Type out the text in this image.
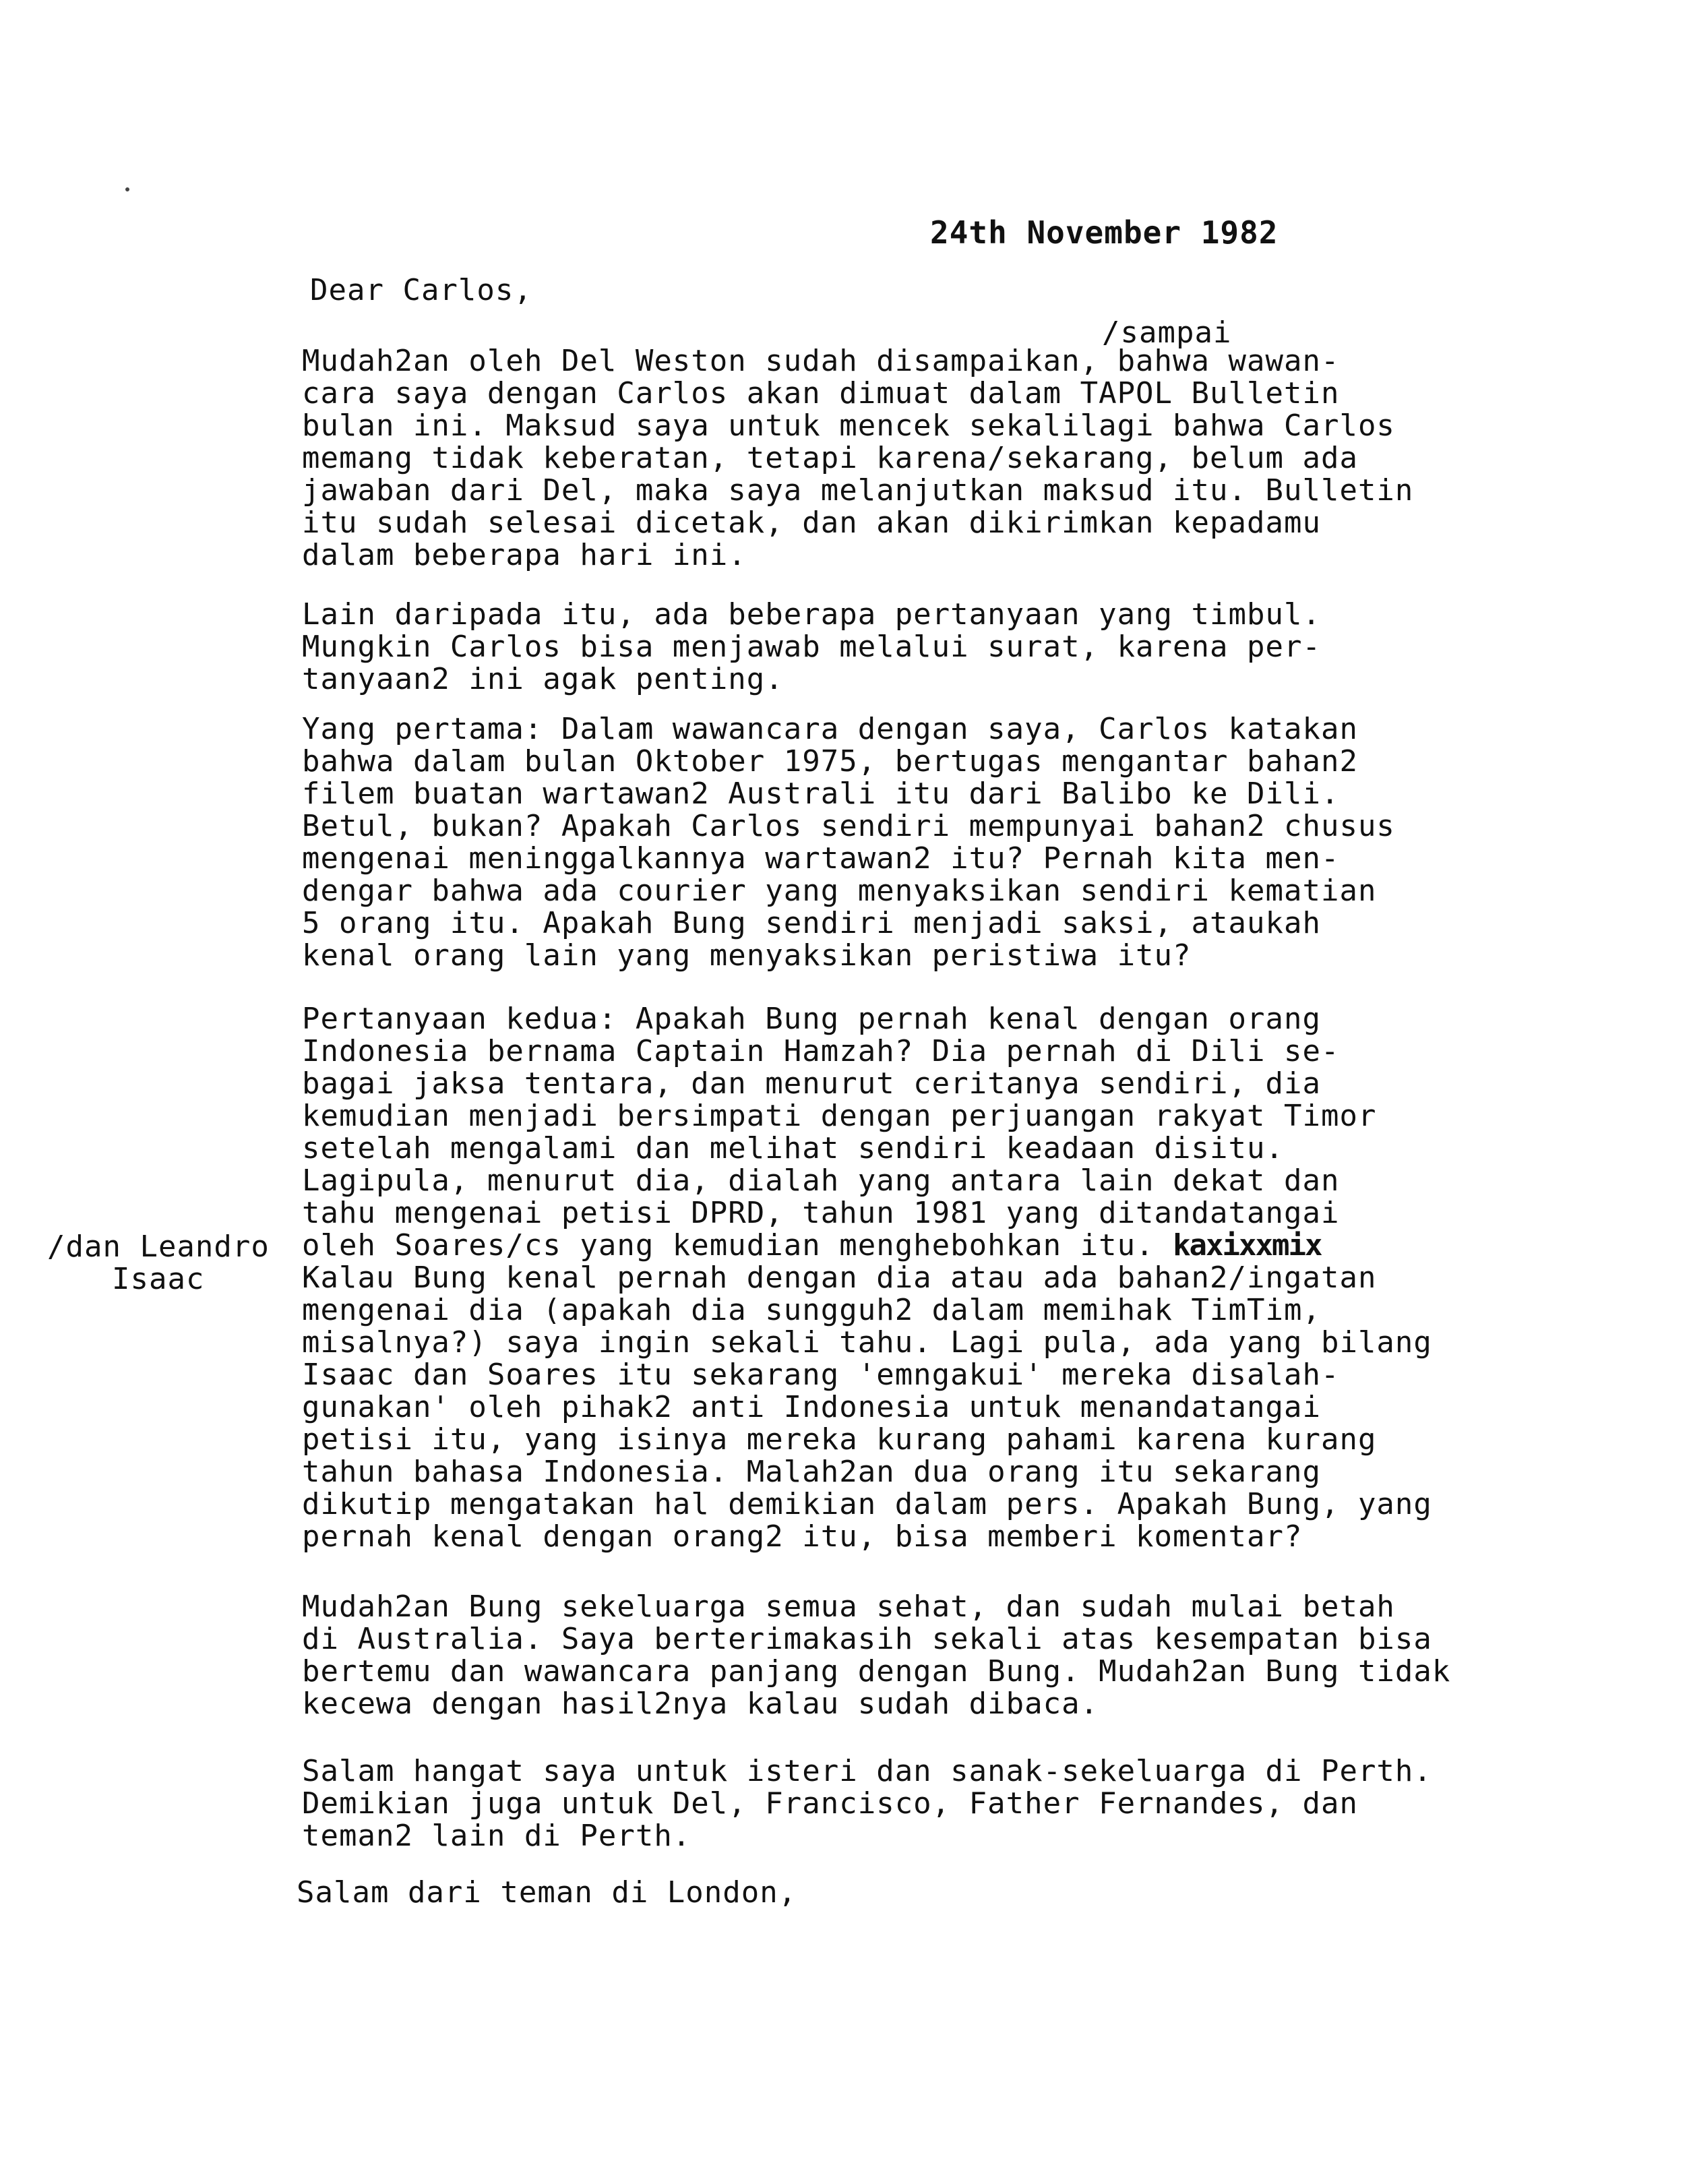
24th November 1982
Dear Carlos,
/sampai
Mudah2an oleh Del Weston sudah disampaikan, bahwa wawan-
cara saya dengan Carlos akan dimuat dalam TAPOL Bulletin
bulan ini. Maksud saya untuk mencek sekalilagi bahwa Carlos
memang tidak keberatan, tetapi karena/sekarang, belum ada
jawaban dari Del, maka saya melanjutkan maksud itu. Bulletin
itu sudah selesai dicetak, dan akan dikirimkan kepadamu
dalam beberapa hari ini.
Lain daripada itu, ada beberapa pertanyaan yang timbul.
Mungkin Carlos bisa menjawab melalui surat, karena per-
tanyaan2 ini agak penting.
Yang pertama: Dalam wawancara dengan saya, Carlos katakan
bahwa dalam bulan Oktober 1975, bertugas mengantar bahan2
filem buatan wartawan2 Australi itu dari Balibo ke Dili.
Betul, bukan? Apakah Carlos sendiri mempunyai bahan2 chusus
mengenai meninggalkannya wartawan2 itu? Pernah kita men-
dengar bahwa ada courier yang menyaksikan sendiri kematian
5 orang itu. Apakah Bung sendiri menjadi saksi, ataukah
kenal orang lain yang menyaksikan peristiwa itu?
Pertanyaan kedua: Apakah Bung pernah kenal dengan orang
Indonesia bernama Captain Hamzah? Dia pernah di Dili se-
bagai jaksa tentara, dan menurut ceritanya sendiri, dia
kemudian menjadi bersimpati dengan perjuangan rakyat Timor
setelah mengalami dan melihat sendiri keadaan disitu.
Lagipula, menurut dia, dialah yang antara lain dekat dan
tahu mengenai petisi DPRD, tahun 1981 yang ditandatangai
oleh Soares/cs yang kemudian menghebohkan itu. kaxixxmix
Kalau Bung kenal pernah dengan dia atau ada bahan2/ingatan
mengenai dia (apakah dia sungguh2 dalam memihak TimTim,
misalnya?) saya ingin sekali tahu. Lagi pula, ada yang bilang
Isaac dan Soares itu sekarang 'emngakui' mereka disalah-
gunakan' oleh pihak2 anti Indonesia untuk menandatangai
petisi itu, yang isinya mereka kurang pahami karena kurang
tahun bahasa Indonesia. Malah2an dua orang itu sekarang
dikutip mengatakan hal demikian dalam pers. Apakah Bung, yang
pernah kenal dengan orang2 itu, bisa memberi komentar?
/dan Leandro
Isaac
Mudah2an Bung sekeluarga semua sehat, dan sudah mulai betah
di Australia. Saya berterimakasih sekali atas kesempatan bisa
bertemu dan wawancara panjang dengan Bung. Mudah2an Bung tidak
kecewa dengan hasil2nya kalau sudah dibaca.
Salam hangat saya untuk isteri dan sanak-sekeluarga di Perth.
Demikian juga untuk Del, Francisco, Father Fernandes, dan
teman2 lain di Perth.
Salam dari teman di London,
